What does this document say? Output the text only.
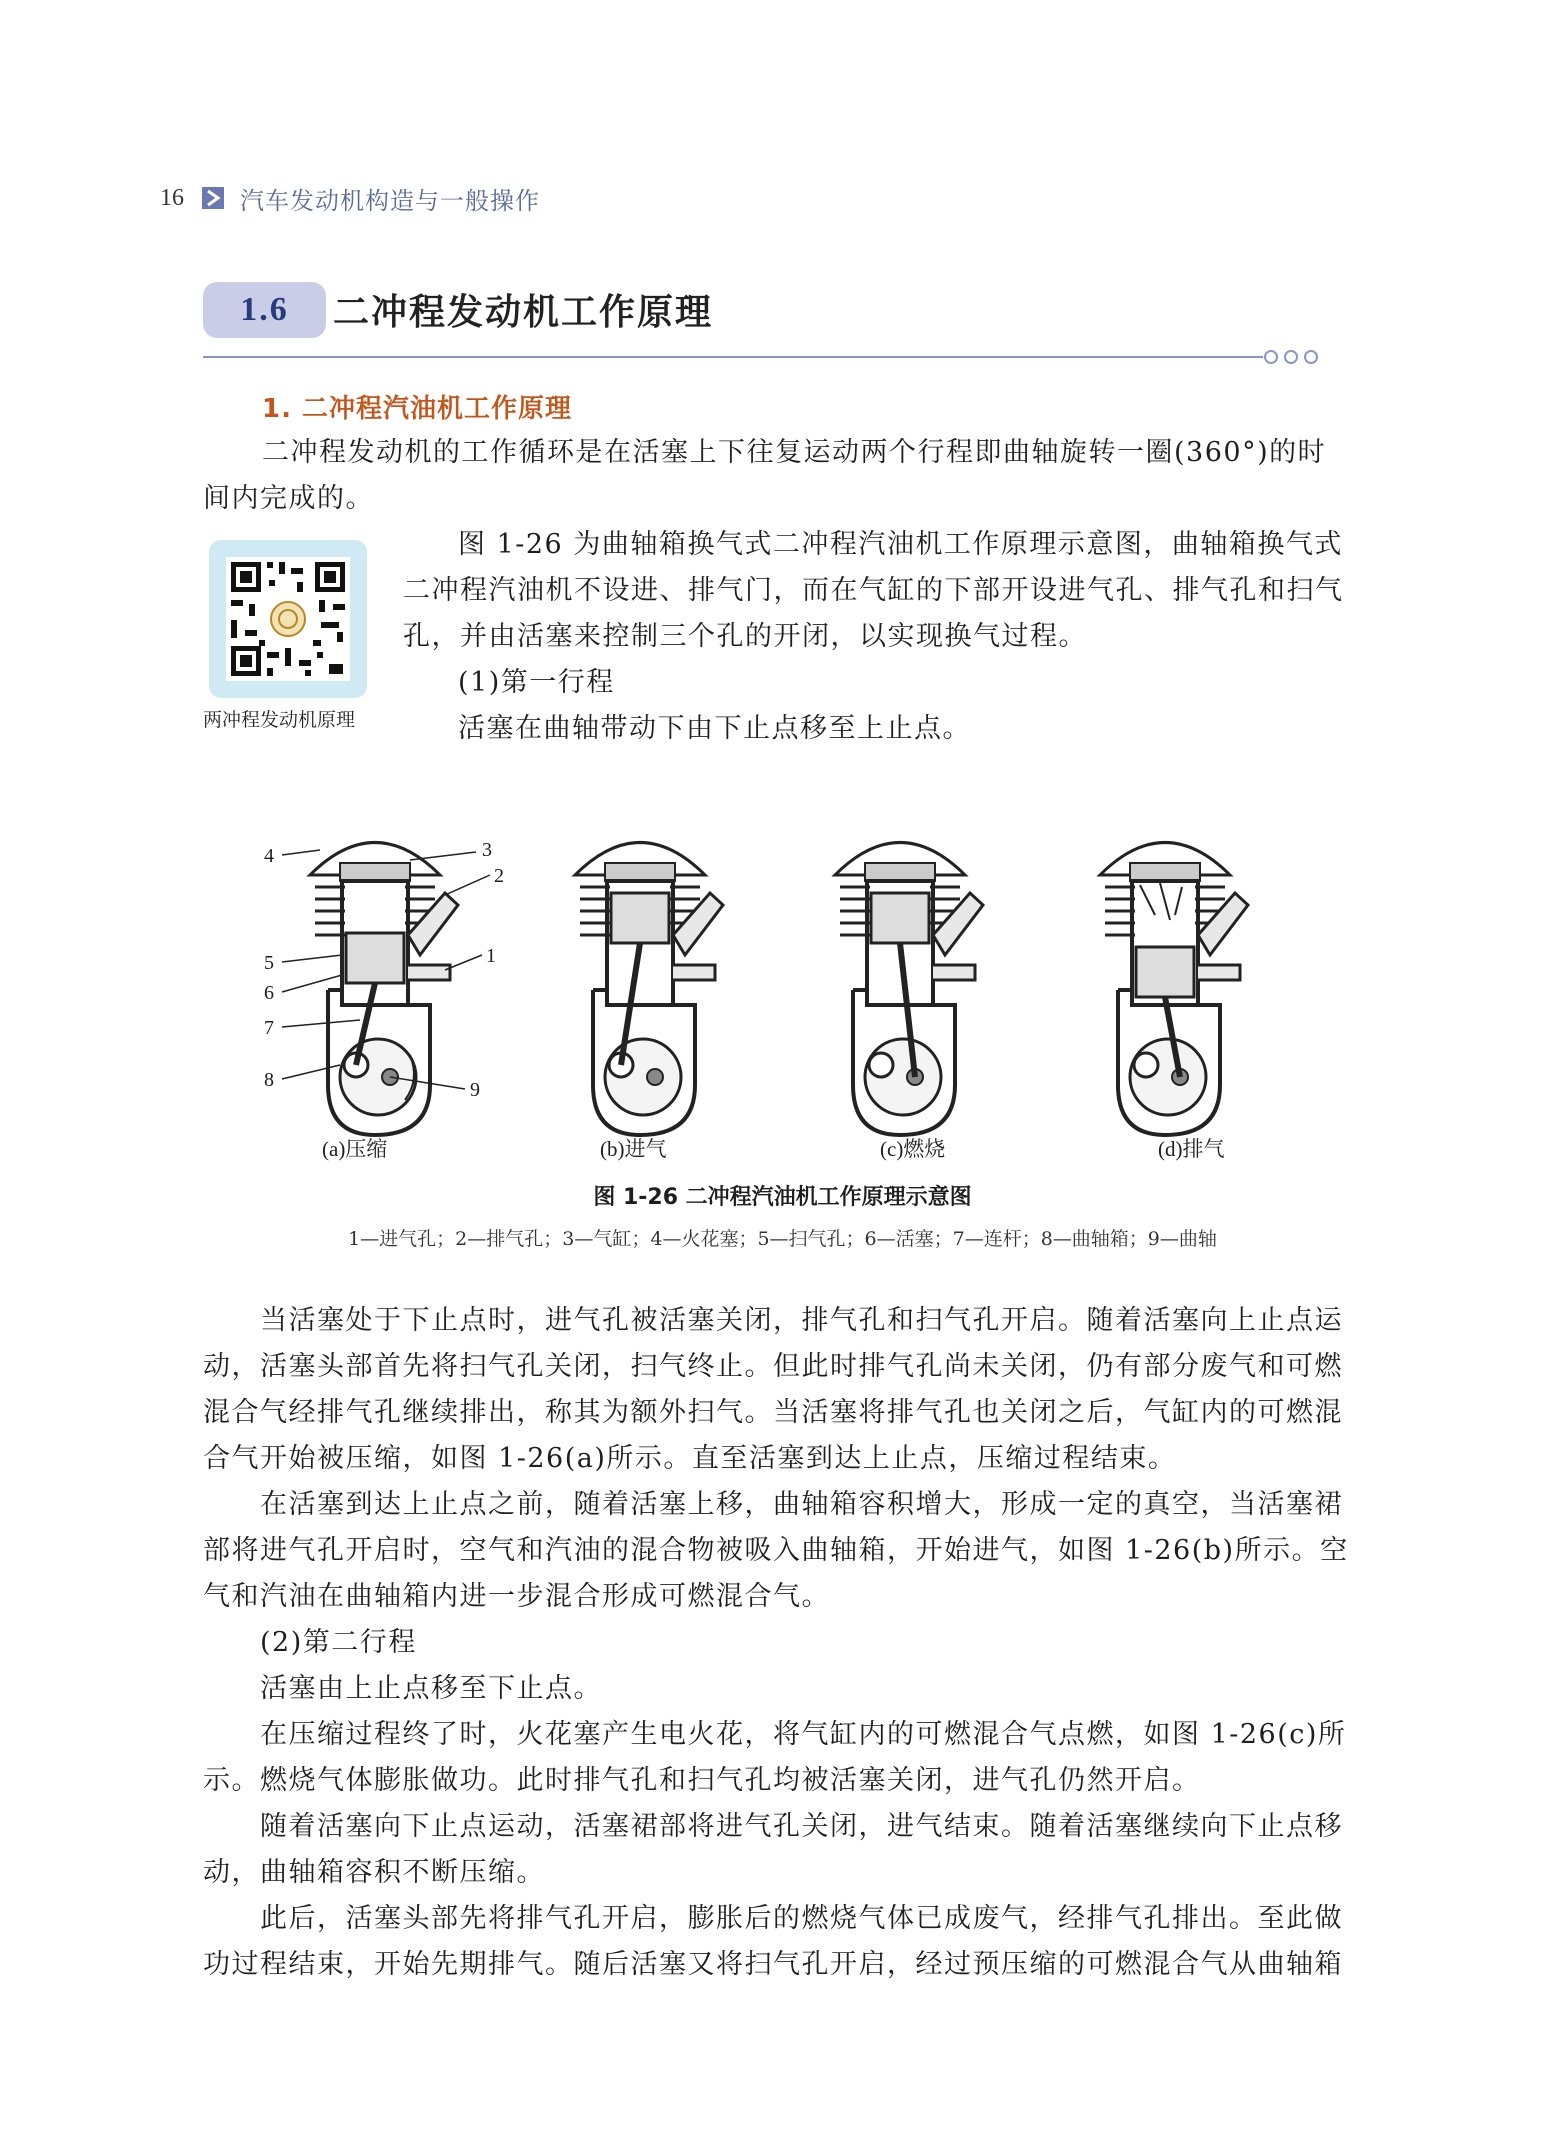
16 汽车发动机构造与一般操作
1.6	二冲程发动机工作原理
1. 二冲程汽油机工作原理
二冲程发动机的工作循环是在活塞上下往复运动两个行程即曲轴旋转一圈(360°)的时
间内完成的。
两冲程发动机原理
图 1-26 为曲轴箱换气式二冲程汽油机工作原理示意图，曲轴箱换气式
二冲程汽油机不设进、排气门，而在气缸的下部开设进气孔、排气孔和扫气
孔，并由活塞来控制三个孔的开闭，以实现换气过程。
(1)第一行程
活塞在曲轴带动下由下止点移至上止点。
4	3
2
1
5
6
7
8	9
(a)压缩	(b)进气	(c)燃烧	(d)排气
图 1-26 二冲程汽油机工作原理示意图
1—进气孔；2—排气孔；3—气缸；4—火花塞；5—扫气孔；6—活塞；7—连杆；8—曲轴箱；9—曲轴
当活塞处于下止点时，进气孔被活塞关闭，排气孔和扫气孔开启。随着活塞向上止点运
动，活塞头部首先将扫气孔关闭，扫气终止。但此时排气孔尚未关闭，仍有部分废气和可燃
混合气经排气孔继续排出，称其为额外扫气。当活塞将排气孔也关闭之后，气缸内的可燃混
合气开始被压缩，如图 1-26(a)所示。直至活塞到达上止点，压缩过程结束。
在活塞到达上止点之前，随着活塞上移，曲轴箱容积增大，形成一定的真空，当活塞裙
部将进气孔开启时，空气和汽油的混合物被吸入曲轴箱，开始进气，如图 1-26(b)所示。空
气和汽油在曲轴箱内进一步混合形成可燃混合气。
(2)第二行程
活塞由上止点移至下止点。
在压缩过程终了时，火花塞产生电火花，将气缸内的可燃混合气点燃，如图 1-26(c)所
示。燃烧气体膨胀做功。此时排气孔和扫气孔均被活塞关闭，进气孔仍然开启。
随着活塞向下止点运动，活塞裙部将进气孔关闭，进气结束。随着活塞继续向下止点移
动，曲轴箱容积不断压缩。
此后，活塞头部先将排气孔开启，膨胀后的燃烧气体已成废气，经排气孔排出。至此做
功过程结束，开始先期排气。随后活塞又将扫气孔开启，经过预压缩的可燃混合气从曲轴箱
